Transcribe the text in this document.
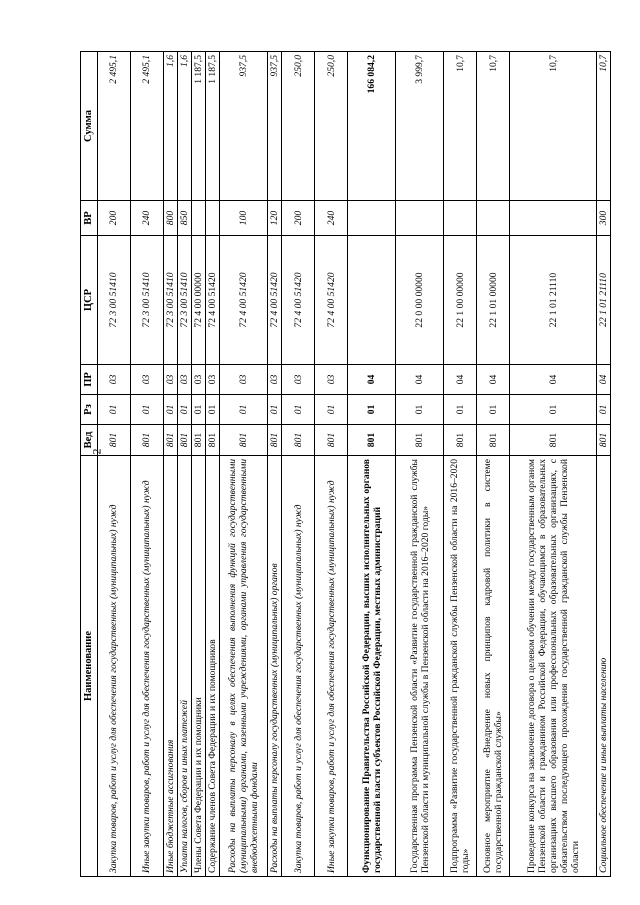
2
Наименование	Вед	Рз	ПР	ЦСР	ВР	Сумма
Закупка товаров, работ и услуг для обеспечения государственных (муниципальных) нужд	801	01	03	72 3 00 51410	200	2 495,1
Иные закупки товаров, работ и услуг для обеспечения государственных (муниципальных) нужд	801	01	03	72 3 00 51410	240	2 495,1
Иные бюджетные ассигнования	801	01	03	72 3 00 51410	800	1,6
Уплата налогов, сборов и иных платежей	801	01	03	72 3 00 51410	850	1,6
Члены Совета Федерации и их помощники	801	01	03	72 4 00 00000		1 187,5
Содержание членов Совета Федерации и их помощников	801	01	03	72 4 00 51420		1 187,5
Расходы на выплаты персоналу в целях обеспечения выполнения функций государственными (муниципальными) органами, казенными учреждениями, органами управления государственными внебюджетными фондами	801	01	03	72 4 00 51420	100	937,5
Расходы на выплаты персоналу государственных (муниципальных) органов	801	01	03	72 4 00 51420	120	937,5
Закупка товаров, работ и услуг для обеспечения государственных (муниципальных) нужд	801	01	03	72 4 00 51420	200	250,0
Иные закупки товаров, работ и услуг для обеспечения государственных (муниципальных) нужд	801	01	03	72 4 00 51420	240	250,0
Функционирование Правительства Российской Федерации, высших исполнительных органов государственной власти субъектов Российской Федерации, местных администраций	801	01	04			166 084,2
Государственная программа Пензенской области «Развитие государственной гражданской службы Пензенской области и муниципальной службы в Пензенской области на 2016–2020 годы»	801	01	04	22 0 00 00000		3 999,7
Подпрограмма «Развитие государственной гражданской службы Пензенской области на 2016–2020 годы»	801	01	04	22 1 00 00000		10,7
Основное мероприятие «Внедрение новых принципов кадровой политики в системе государственной гражданской службы»	801	01	04	22 1 01 00000		10,7
Проведение конкурса на заключение договора о целевом обучении между государственным органом Пензенской области и гражданином Российской Федерации, обучающимся в образовательных организациях высшего образования или профессиональных образовательных организациях, с обязательством последующего прохождения государственной гражданской службы Пензенской области	801	01	04	22 1 01 21110		10,7
Социальное обеспечение и иные выплаты населению	801	01	04	22 1 01 21110	300	10,7
